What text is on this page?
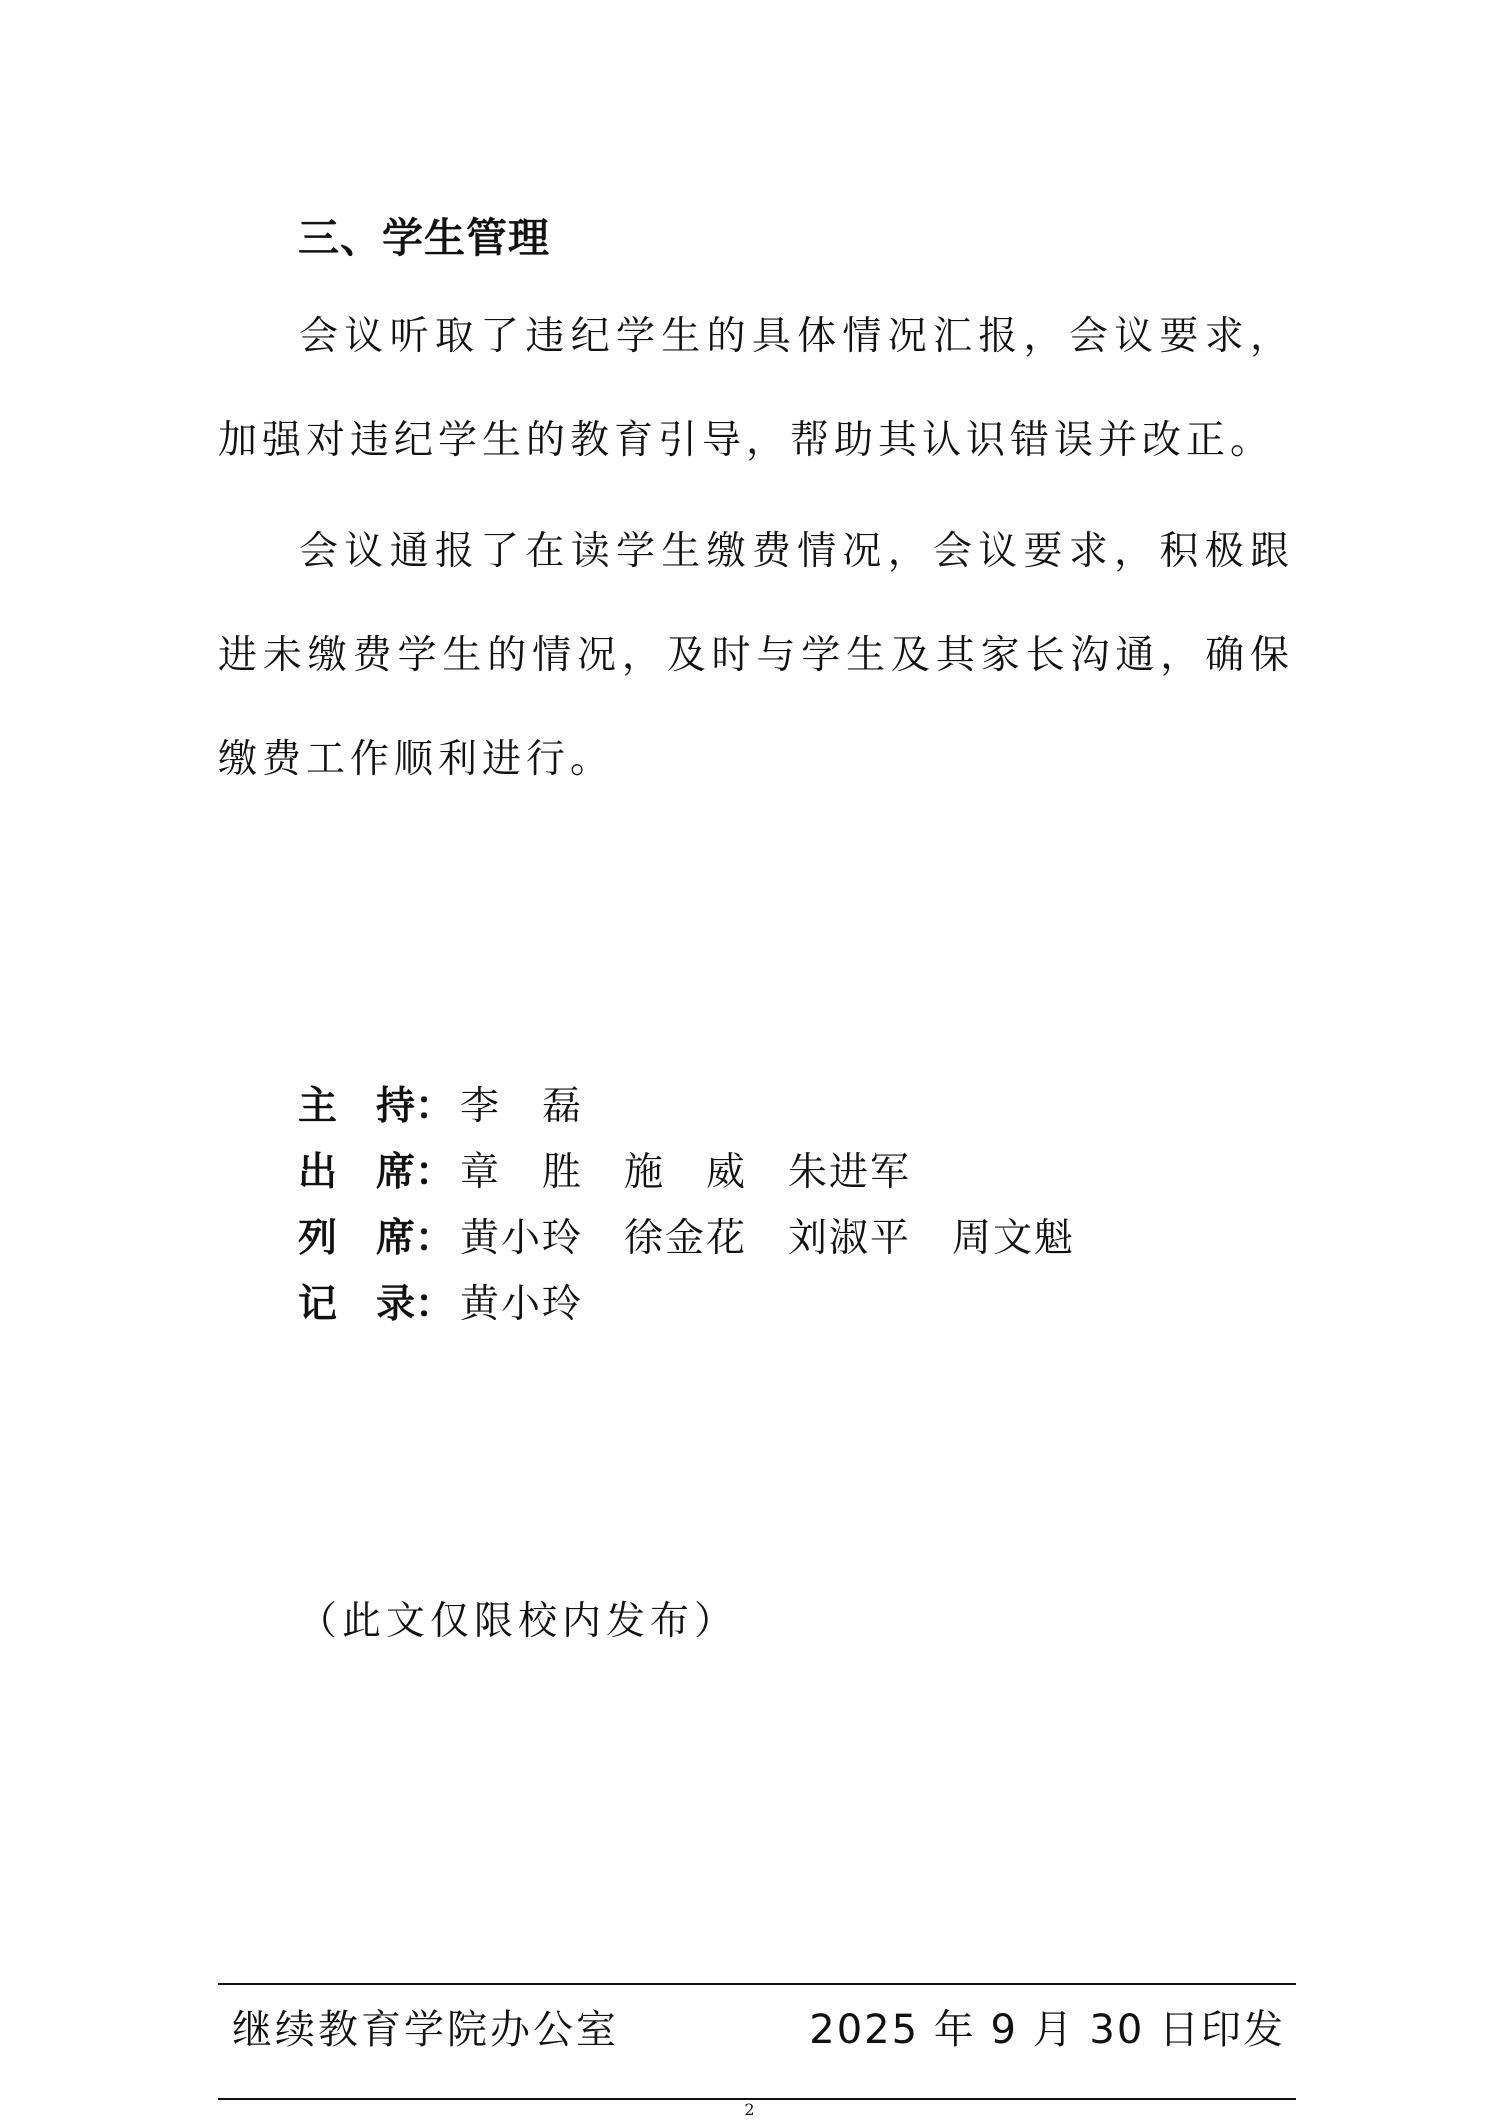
三、学生管理

会议听取了违纪学生的具体情况汇报，会议要求，加强对违纪学生的教育引导，帮助其认识错误并改正。

会议通报了在读学生缴费情况，会议要求，积极跟进未缴费学生的情况，及时与学生及其家长沟通，确保缴费工作顺利进行。

主　持： 李　磊
出　席： 章　胜　施　威　朱进军
列　席： 黄小玲　徐金花　刘淑平　周文魁
记　录： 黄小玲
（此文仅限校内发布）
继续教育学院办公室	2025 年 9 月 30 日印发
2
